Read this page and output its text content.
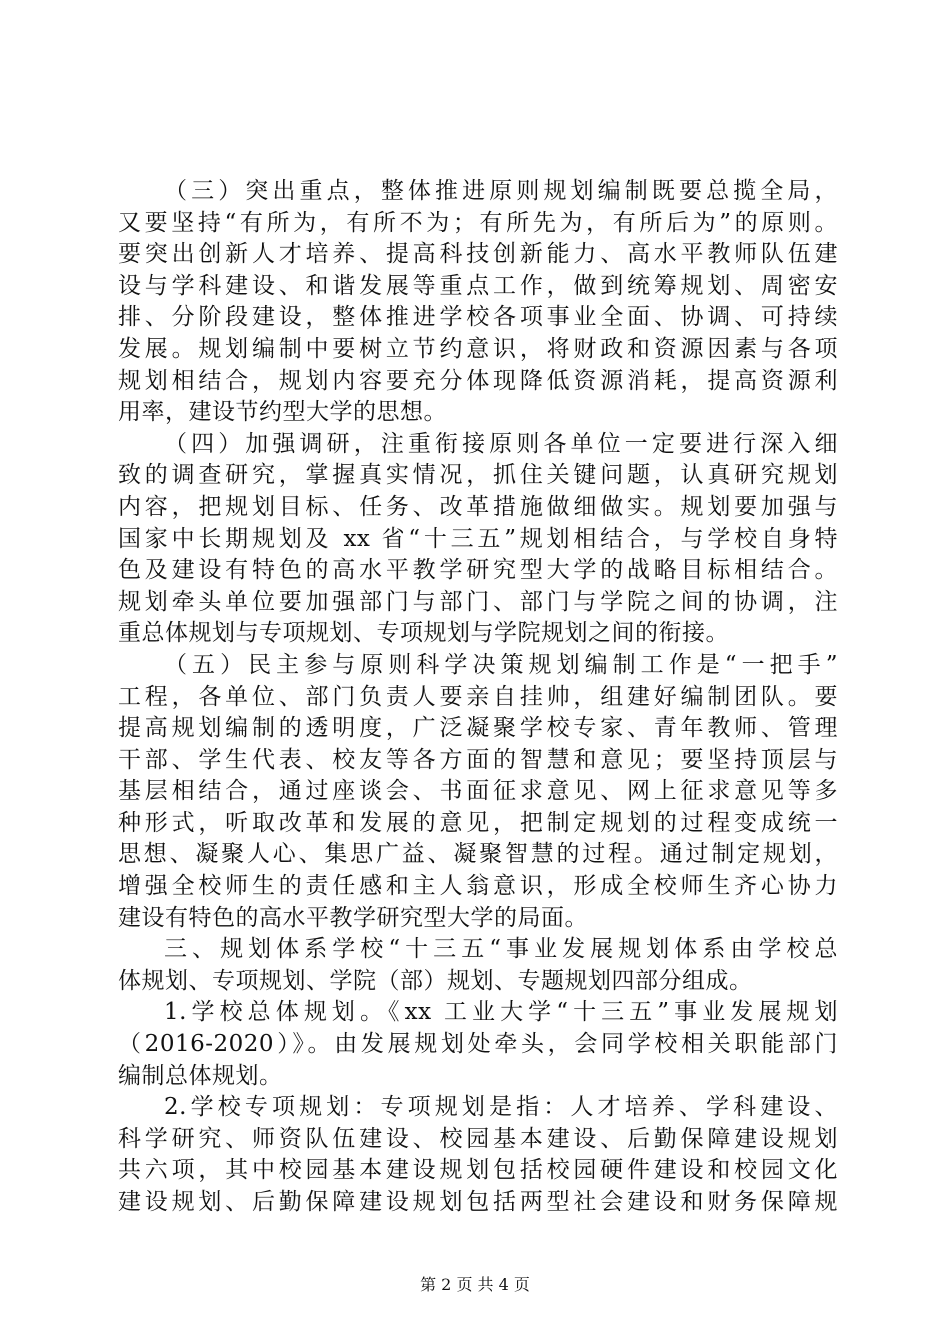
（三）突出重点，整体推进原则规划编制既要总揽全局，
又要坚持“有所为，有所不为；有所先为，有所后为”的原则。
要突出创新人才培养、提高科技创新能力、高水平教师队伍建
设与学科建设、和谐发展等重点工作，做到统筹规划、周密安
排、分阶段建设，整体推进学校各项事业全面、协调、可持续
发展。规划编制中要树立节约意识，将财政和资源因素与各项
规划相结合，规划内容要充分体现降低资源消耗，提高资源利
用率，建设节约型大学的思想。
（四）加强调研，注重衔接原则各单位一定要进行深入细
致的调查研究，掌握真实情况，抓住关键问题，认真研究规划
内容，把规划目标、任务、改革措施做细做实。规划要加强与
国家中长期规划及 xx 省“十三五”规划相结合，与学校自身特
色及建设有特色的高水平教学研究型大学的战略目标相结合。
规划牵头单位要加强部门与部门、部门与学院之间的协调，注
重总体规划与专项规划、专项规划与学院规划之间的衔接。
（五）民主参与原则科学决策规划编制工作是“一把手”
工程，各单位、部门负责人要亲自挂帅，组建好编制团队。要
提高规划编制的透明度，广泛凝聚学校专家、青年教师、管理
干部、学生代表、校友等各方面的智慧和意见；要坚持顶层与
基层相结合，通过座谈会、书面征求意见、网上征求意见等多
种形式，听取改革和发展的意见，把制定规划的过程变成统一
思想、凝聚人心、集思广益、凝聚智慧的过程。通过制定规划，
增强全校师生的责任感和主人翁意识，形成全校师生齐心协力
建设有特色的高水平教学研究型大学的局面。
三、规划体系学校“十三五“事业发展规划体系由学校总
体规划、专项规划、学院（部）规划、专题规划四部分组成。
1.学校总体规划。《xx 工业大学“十三五”事业发展规划
（2016-2020）》。由发展规划处牵头，会同学校相关职能部门
编制总体规划。
2.学校专项规划：专项规划是指：人才培养、学科建设、
科学研究、师资队伍建设、校园基本建设、后勤保障建设规划
共六项，其中校园基本建设规划包括校园硬件建设和校园文化
建设规划、后勤保障建设规划包括两型社会建设和财务保障规
第 2 页 共 4 页
